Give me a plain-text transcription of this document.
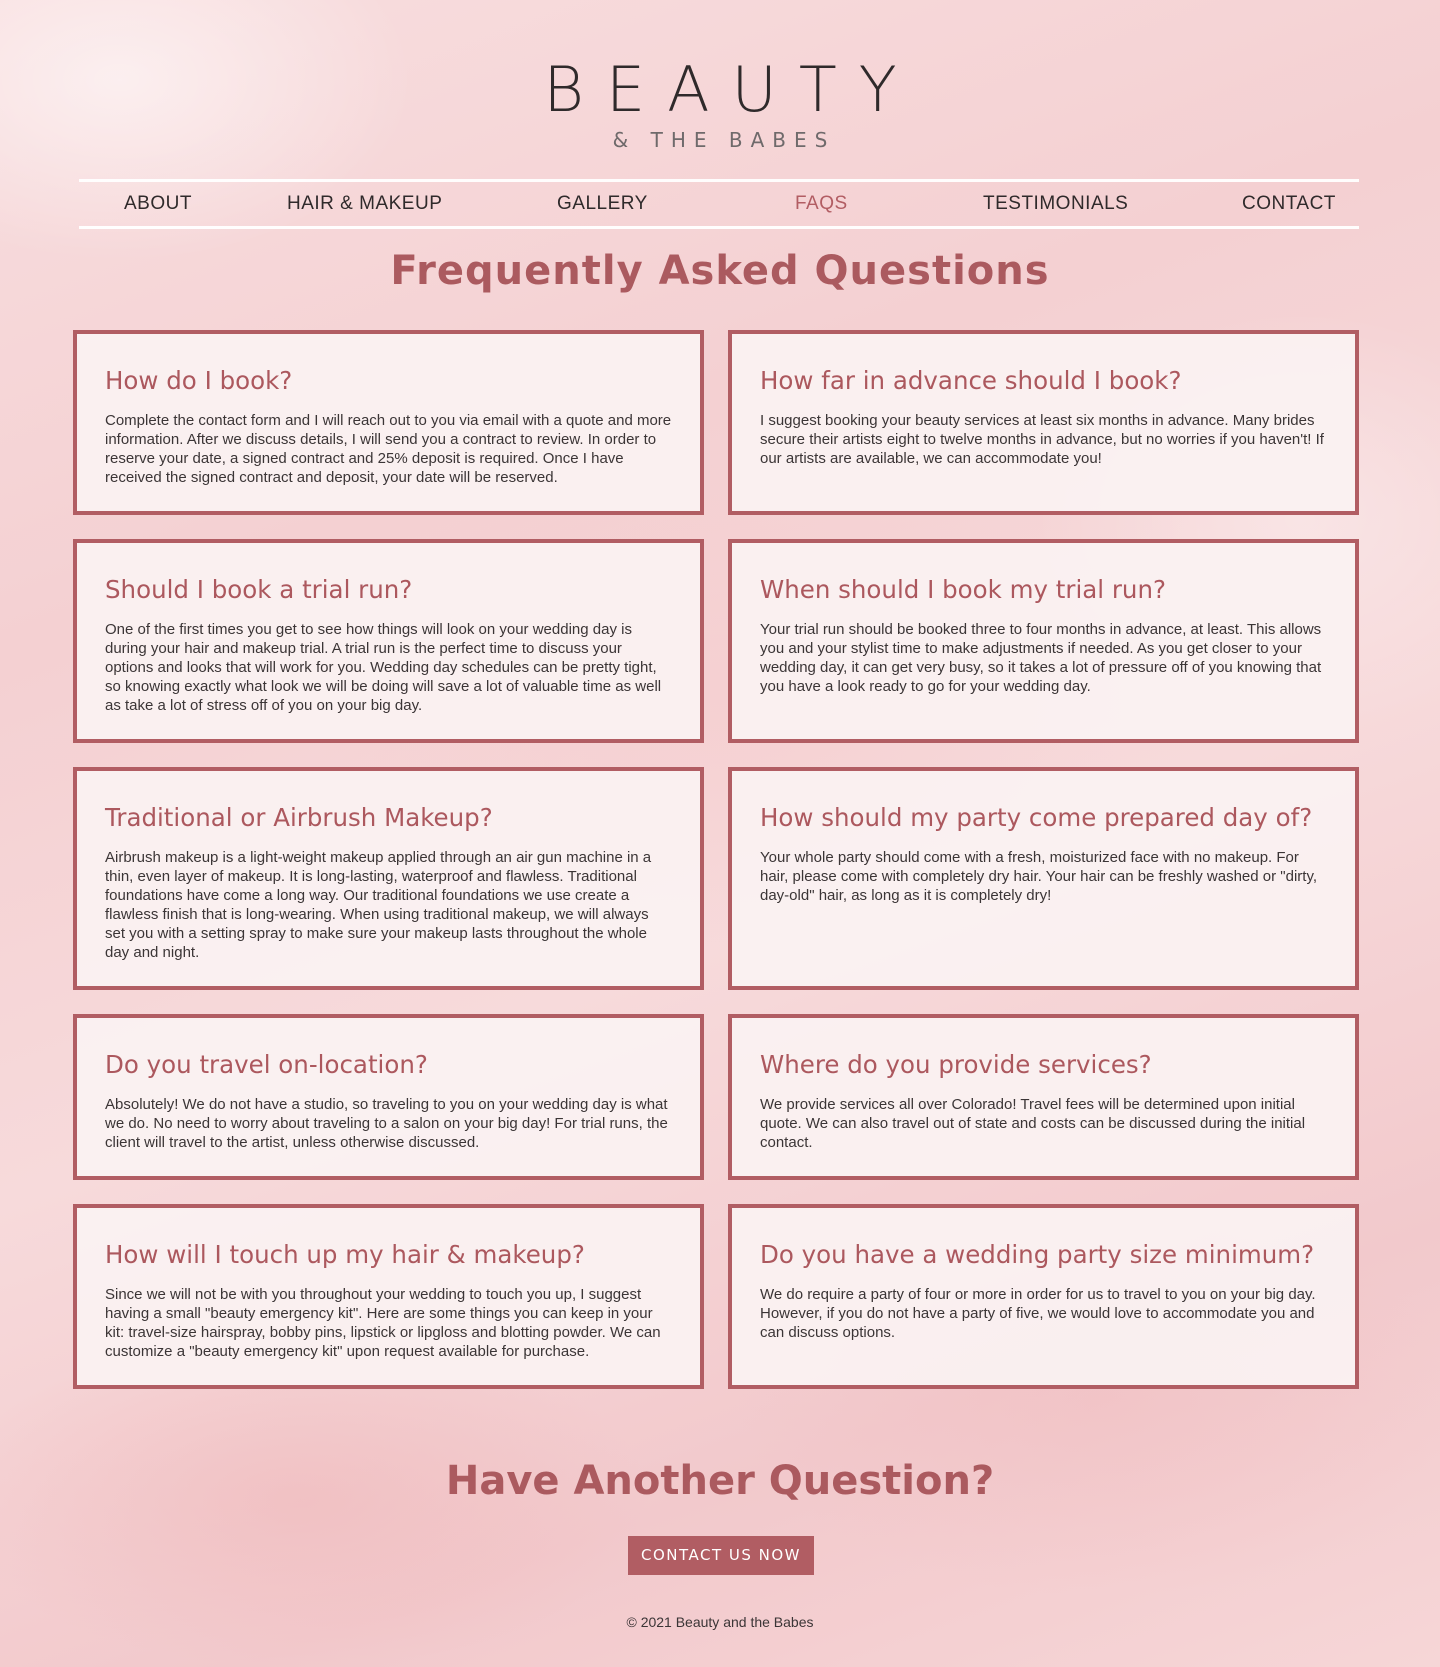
BEAUTY
& THE BABES
ABOUT	HAIR & MAKEUP	GALLERY	FAQS	TESTIMONIALS	CONTACT
Frequently Asked Questions
How do I book?
Complete the contact form and I will reach out to you via email with a quote and more information. After we discuss details, I will send you a contract to review. In order to reserve your date, a signed contract and 25% deposit is required. Once I have received the signed contract and deposit, your date will be reserved.
How far in advance should I book?
I suggest booking your beauty services at least six months in advance. Many brides secure their artists eight to twelve months in advance, but no worries if you haven't! If our artists are available, we can accommodate you!
Should I book a trial run?
One of the first times you get to see how things will look on your wedding day is during your hair and makeup trial. A trial run is the perfect time to discuss your options and looks that will work for you. Wedding day schedules can be pretty tight, so knowing exactly what look we will be doing will save a lot of valuable time as well as take a lot of stress off of you on your big day.
When should I book my trial run?
Your trial run should be booked three to four months in advance, at least. This allows you and your stylist time to make adjustments if needed. As you get closer to your wedding day, it can get very busy, so it takes a lot of pressure off of you knowing that you have a look ready to go for your wedding day.
Traditional or Airbrush Makeup?
Airbrush makeup is a light-weight makeup applied through an air gun machine in a thin, even layer of makeup. It is long-lasting, waterproof and flawless. Traditional foundations have come a long way. Our traditional foundations we use create a flawless finish that is long-wearing. When using traditional makeup, we will always set you with a setting spray to make sure your makeup lasts throughout the whole day and night.
How should my party come prepared day of?
Your whole party should come with a fresh, moisturized face with no makeup. For hair, please come with completely dry hair. Your hair can be freshly washed or "dirty, day-old" hair, as long as it is completely dry!
Do you travel on-location?
Absolutely! We do not have a studio, so traveling to you on your wedding day is what we do. No need to worry about traveling to a salon on your big day! For trial runs, the client will travel to the artist, unless otherwise discussed.
Where do you provide services?
We provide services all over Colorado! Travel fees will be determined upon initial quote. We can also travel out of state and costs can be discussed during the initial contact.
How will I touch up my hair & makeup?
Since we will not be with you throughout your wedding to touch you up, I suggest having a small "beauty emergency kit". Here are some things you can keep in your kit: travel-size hairspray, bobby pins, lipstick or lipgloss and blotting powder. We can customize a "beauty emergency kit" upon request available for purchase.
Do you have a wedding party size minimum?
We do require a party of four or more in order for us to travel to you on your big day. However, if you do not have a party of five, we would love to accommodate you and can discuss options.
Have Another Question?
CONTACT US NOW
© 2021 Beauty and the Babes
